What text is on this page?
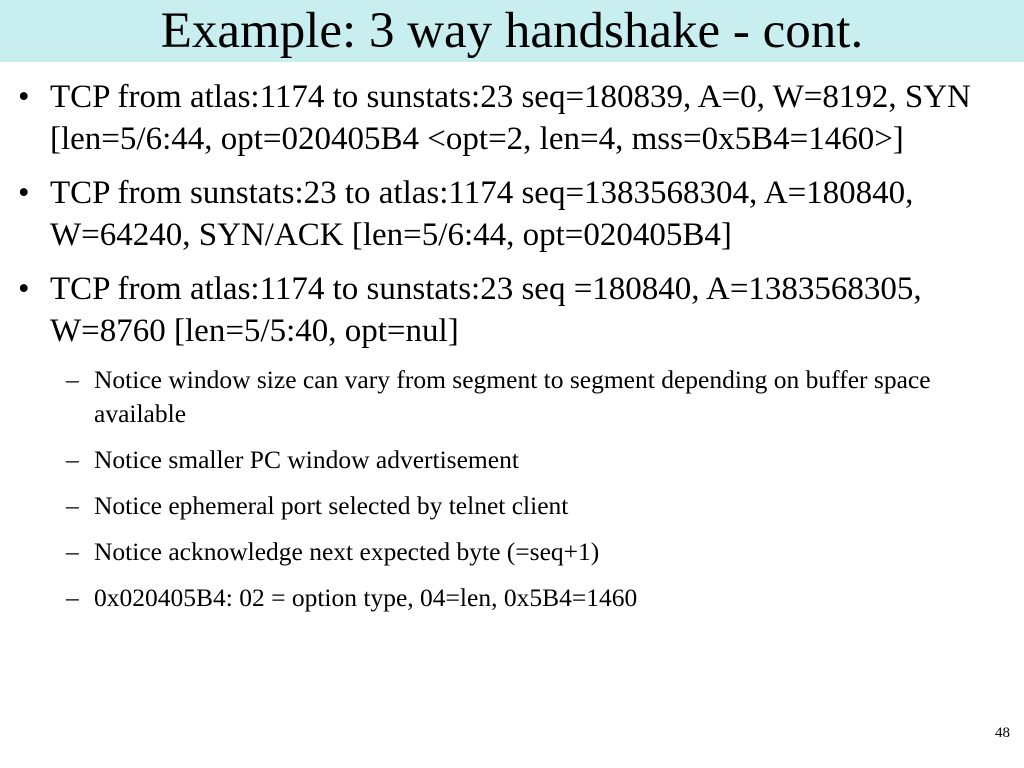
Example: 3 way handshake - cont.
• TCP from atlas:1174 to sunstats:23 seq=180839, A=0, W=8192, SYN [len=5/6:44, opt=020405B4 <opt=2, len=4, mss=0x5B4=1460>]
• TCP from sunstats:23 to atlas:1174 seq=1383568304, A=180840, W=64240, SYN/ACK [len=5/6:44, opt=020405B4]
• TCP from atlas:1174 to sunstats:23 seq =180840, A=1383568305, W=8760 [len=5/5:40, opt=nul]
– Notice window size can vary from segment to segment depending on buffer space available
– Notice smaller PC window advertisement
– Notice ephemeral port selected by telnet client
– Notice acknowledge next expected byte (=seq+1)
– 0x020405B4: 02 = option type, 04=len, 0x5B4=1460
48
